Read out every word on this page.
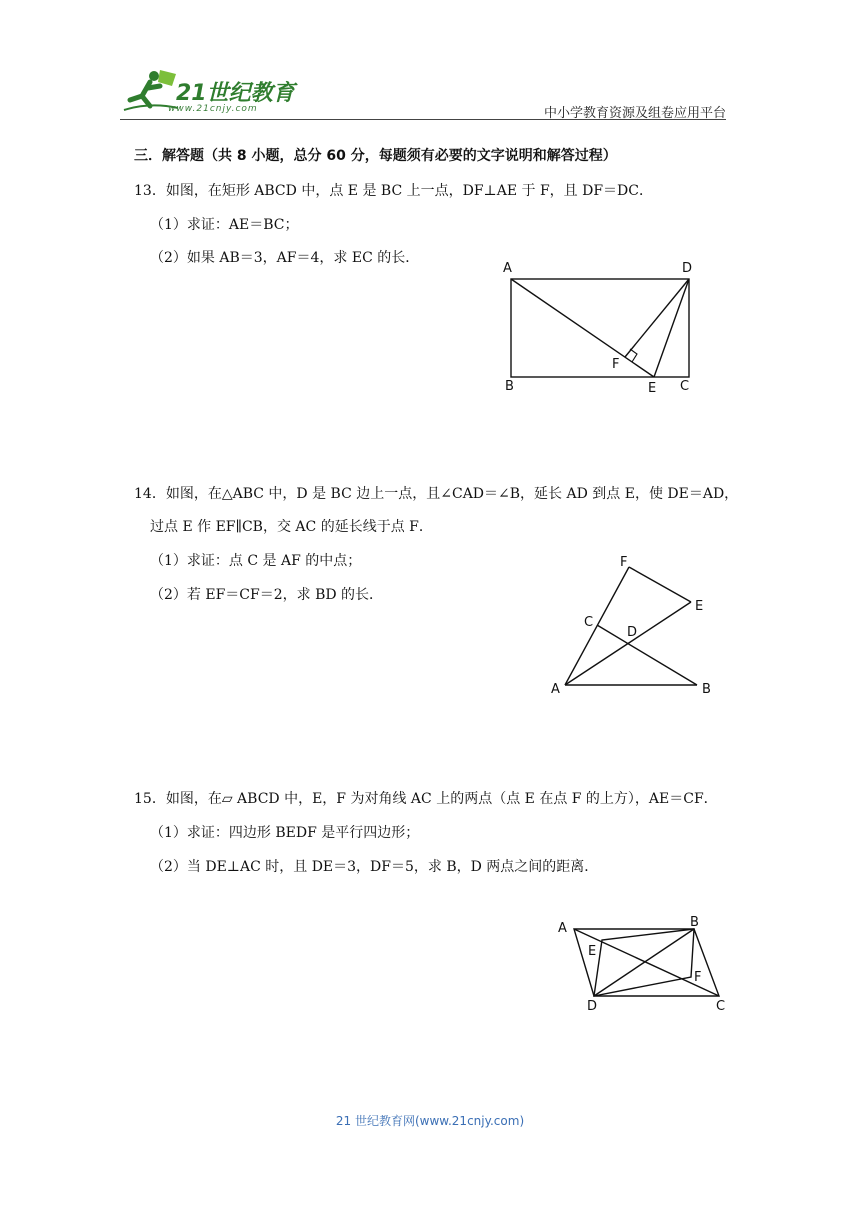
21世纪教育
www.21cnjy.com	中小学教育资源及组卷应用平台
三．解答题（共 8 小题，总分 60 分，每题须有必要的文字说明和解答过程）
13．如图，在矩形 ABCD 中，点 E 是 BC 上一点，DF⊥AE 于 F，且 DF＝DC．
（1）求证：AE＝BC；
（2）如果 AB＝3，AF＝4，求 EC 的长．
A	D
F
B	E C
14．如图，在△ABC 中，D 是 BC 边上一点，且∠CAD＝∠B，延长 AD 到点 E，使 DE＝AD，
过点 E 作 EF∥CB，交 AC 的延长线于点 F．
（1）求证：点 C 是 AF 的中点；
（2）若 EF＝CF＝2，求 BD 的长．
F
E
C
D
A	B
15．如图，在▱ ABCD 中，E，F 为对角线 AC 上的两点（点 E 在点 F 的上方），AE＝CF．
（1）求证：四边形 BEDF 是平行四边形；
（2）当 DE⊥AC 时，且 DE＝3，DF＝5，求 B，D 两点之间的距离．
A	B
E
F
D	C
21 世纪教育网(www.21cnjy.com)
